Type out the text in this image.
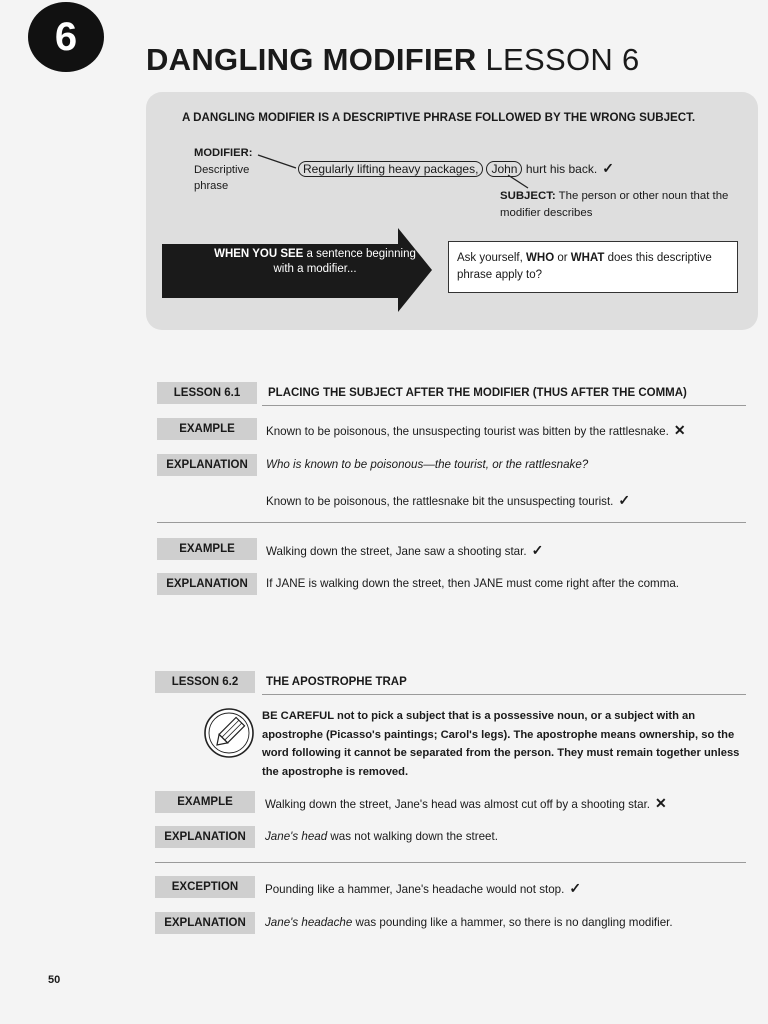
6
DANGLING MODIFIER LESSON 6
A DANGLING MODIFIER IS A DESCRIPTIVE PHRASE FOLLOWED BY THE WRONG SUBJECT.
MODIFIER:
Descriptive phrase
Regularly lifting heavy packages, John hurt his back. ✓
SUBJECT: The person or other noun that the modifier describes
WHEN YOU SEE a sentence beginning with a modifier...
Ask yourself, WHO or WHAT does this descriptive phrase apply to?
LESSON 6.1	PLACING THE SUBJECT AFTER THE MODIFIER (THUS AFTER THE COMMA)
EXAMPLE	Known to be poisonous, the unsuspecting tourist was bitten by the rattlesnake. ✕
EXPLANATION	Who is known to be poisonous—the tourist, or the rattlesnake?
Known to be poisonous, the rattlesnake bit the unsuspecting tourist. ✓
EXAMPLE	Walking down the street, Jane saw a shooting star. ✓
EXPLANATION	If JANE is walking down the street, then JANE must come right after the comma.
LESSON 6.2	THE APOSTROPHE TRAP
BE CAREFUL not to pick a subject that is a possessive noun, or a subject with an apostrophe (Picasso's paintings; Carol's legs). The apostrophe means ownership, so the word following it cannot be separated from the person. They must remain together unless the apostrophe is removed.
EXAMPLE	Walking down the street, Jane's head was almost cut off by a shooting star. ✕
EXPLANATION	Jane's head was not walking down the street.
EXCEPTION	Pounding like a hammer, Jane's headache would not stop. ✓
EXPLANATION	Jane's headache was pounding like a hammer, so there is no dangling modifier.
50
